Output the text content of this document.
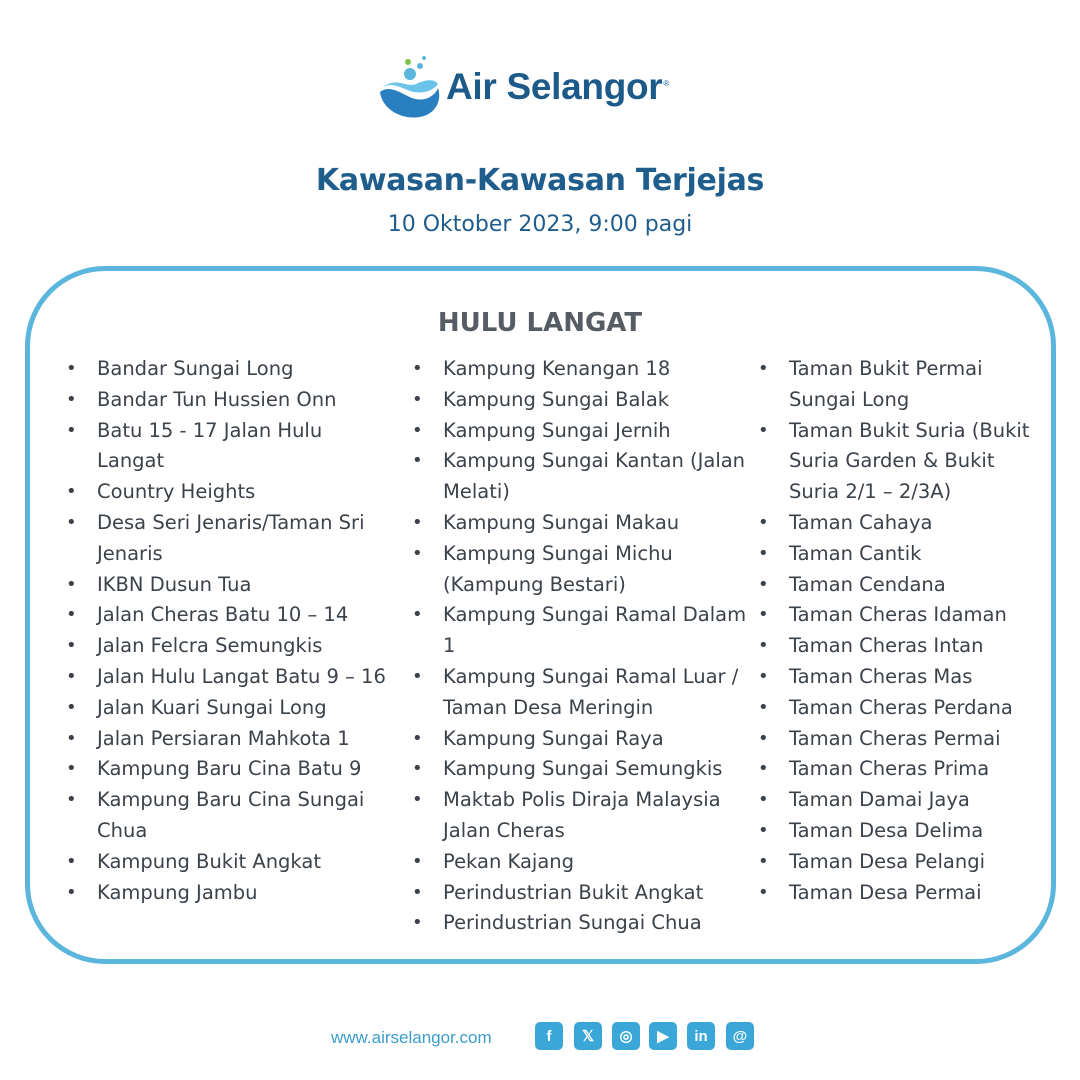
Air Selangor®
Kawasan-Kawasan Terjejas
10 Oktober 2023, 9:00 pagi
HULU LANGAT
• Bandar Sungai Long
• Bandar Tun Hussien Onn
• Batu 15 - 17 Jalan Hulu Langat
• Country Heights
• Desa Seri Jenaris/Taman Sri Jenaris
• IKBN Dusun Tua
• Jalan Cheras Batu 10 – 14
• Jalan Felcra Semungkis
• Jalan Hulu Langat Batu 9 – 16
• Jalan Kuari Sungai Long
• Jalan Persiaran Mahkota 1
• Kampung Baru Cina Batu 9
• Kampung Baru Cina Sungai Chua
• Kampung Bukit Angkat
• Kampung Jambu
• Kampung Kenangan 18
• Kampung Sungai Balak
• Kampung Sungai Jernih
• Kampung Sungai Kantan (Jalan Melati)
• Kampung Sungai Makau
• Kampung Sungai Michu (Kampung Bestari)
• Kampung Sungai Ramal Dalam 1
• Kampung Sungai Ramal Luar / Taman Desa Meringin
• Kampung Sungai Raya
• Kampung Sungai Semungkis
• Maktab Polis Diraja Malaysia Jalan Cheras
• Pekan Kajang
• Perindustrian Bukit Angkat
• Perindustrian Sungai Chua
• Taman Bukit Permai Sungai Long
• Taman Bukit Suria (Bukit Suria Garden & Bukit Suria 2/1 – 2/3A)
• Taman Cahaya
• Taman Cantik
• Taman Cendana
• Taman Cheras Idaman
• Taman Cheras Intan
• Taman Cheras Mas
• Taman Cheras Perdana
• Taman Cheras Permai
• Taman Cheras Prima
• Taman Damai Jaya
• Taman Desa Delima
• Taman Desa Pelangi
• Taman Desa Permai
www.airselangor.com	f	𝕏	◎	▶	in	@
